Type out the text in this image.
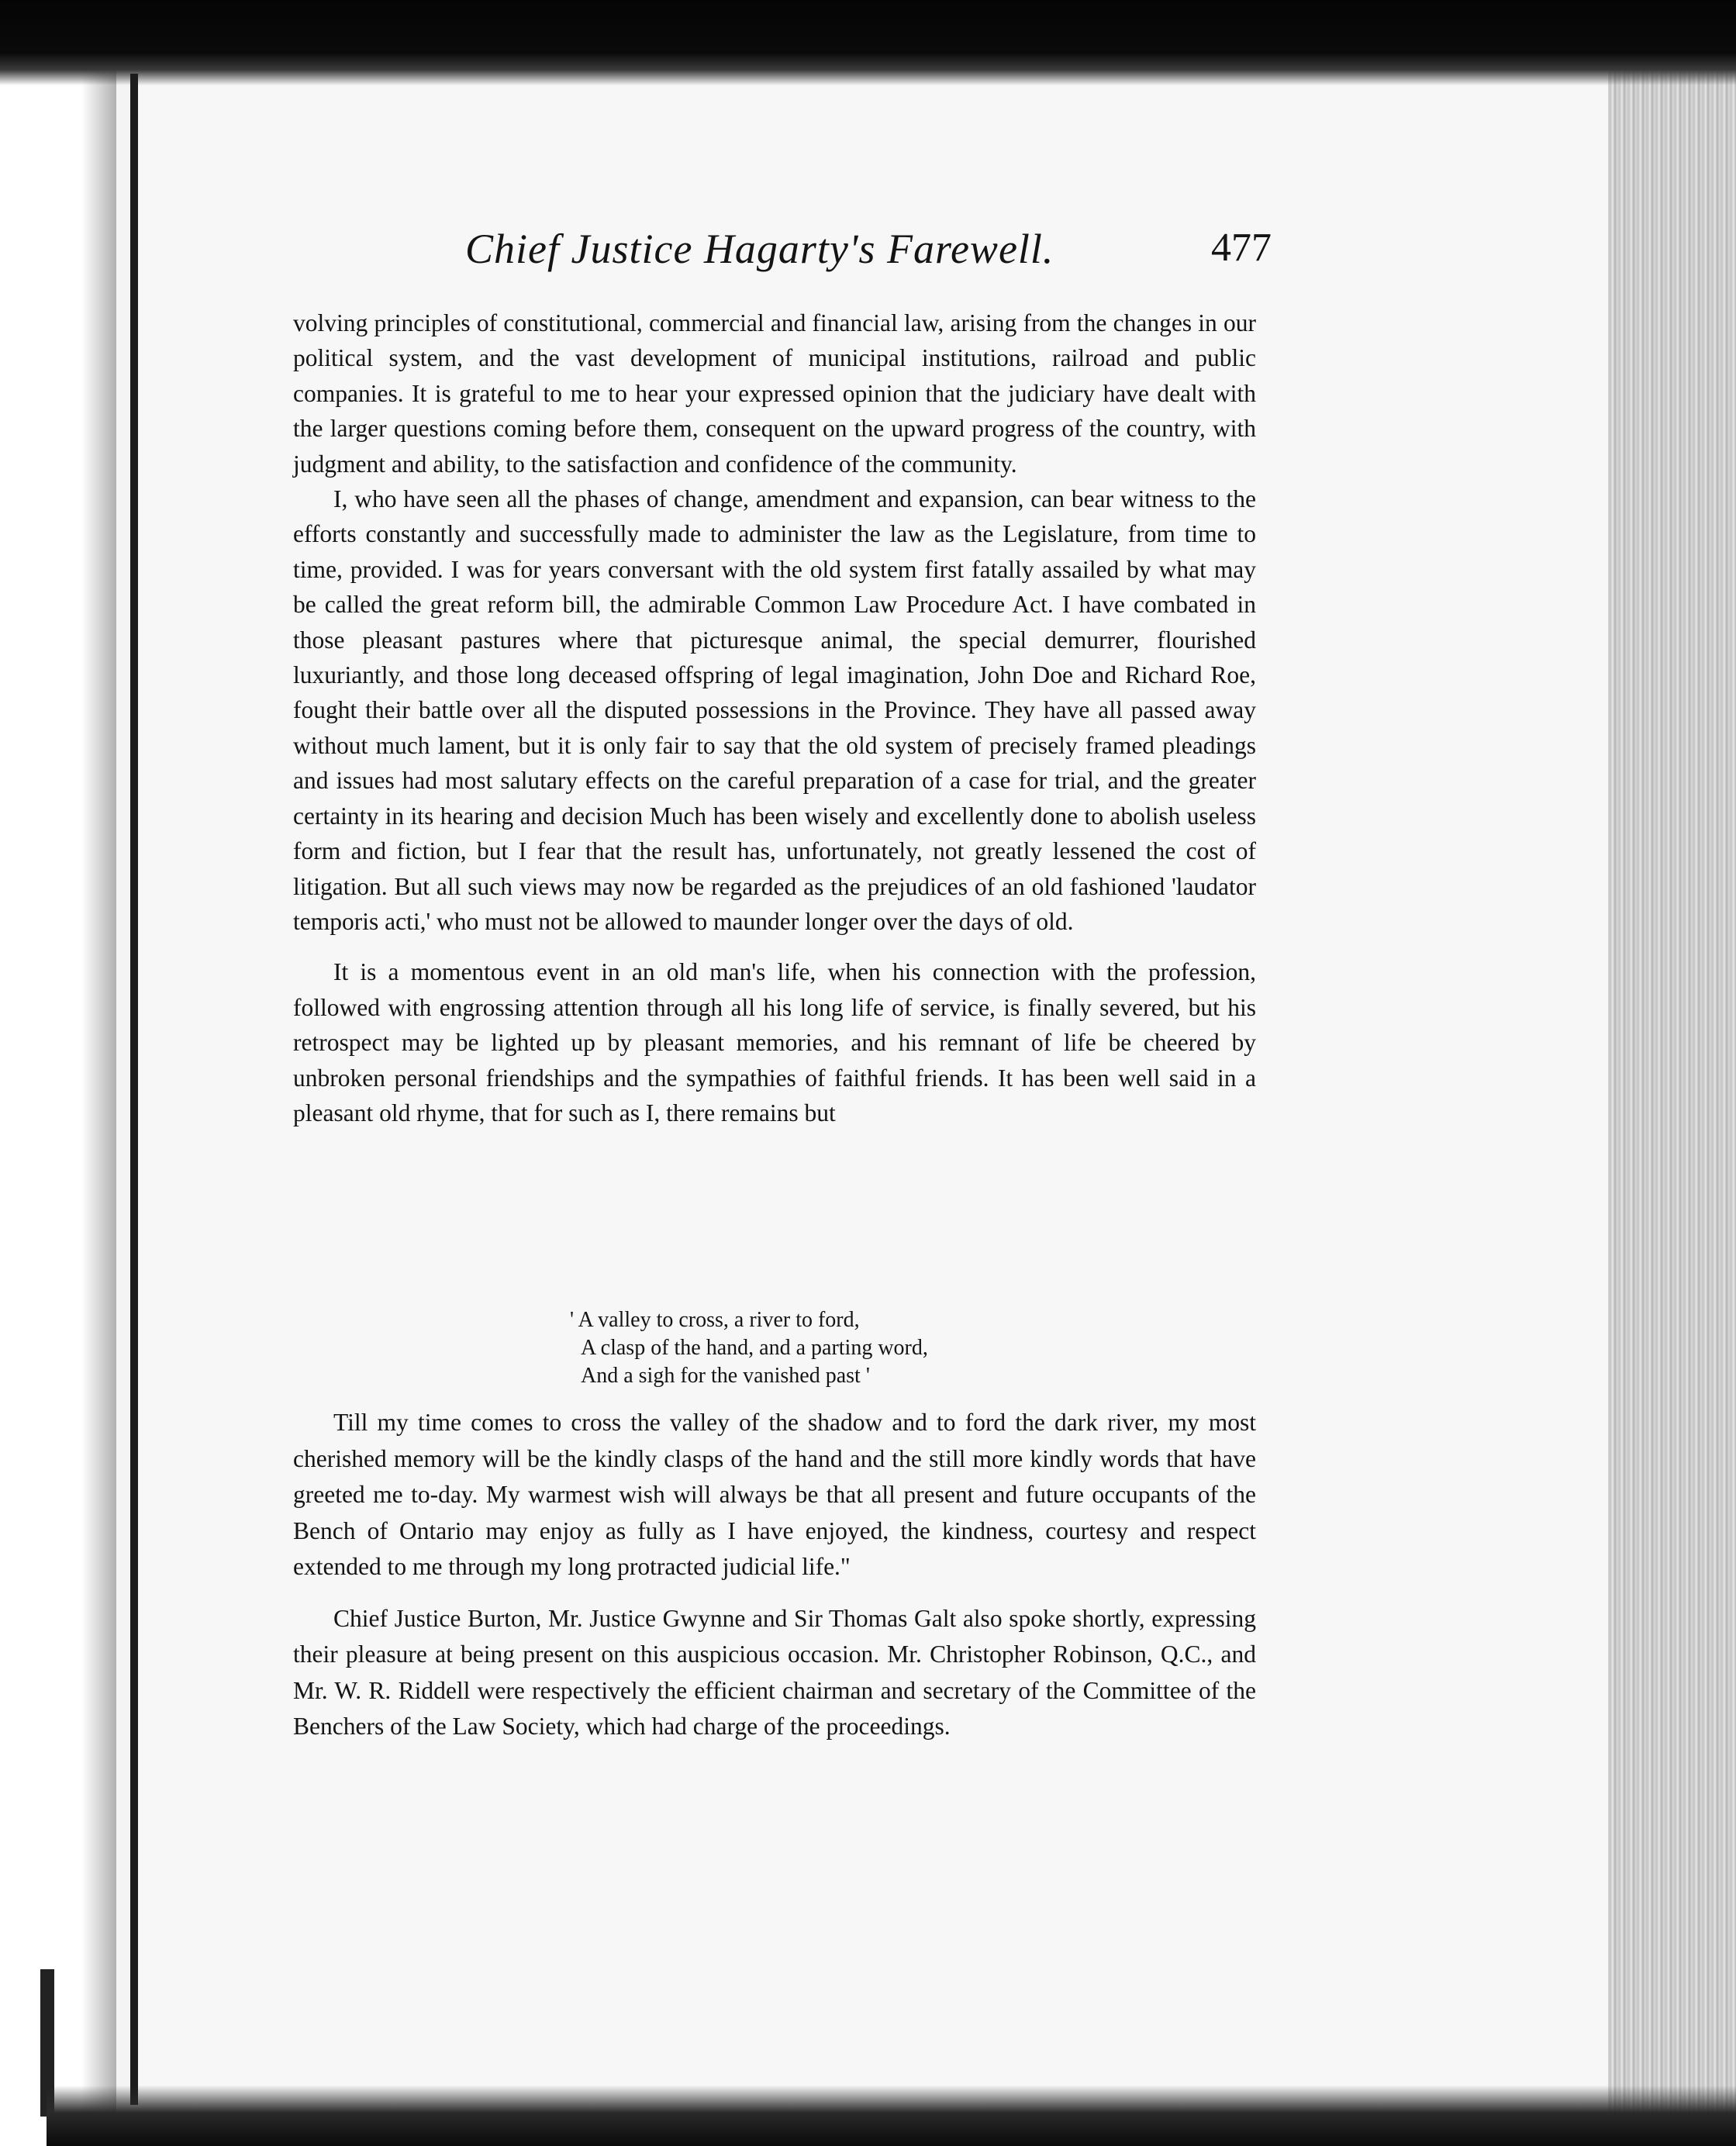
Chief Justice Hagarty's Farewell.	477

volving principles of constitutional, commercial and financial law, arising from the changes in our political system, and the vast development of municipal institutions, railroad and public companies. It is grateful to me to hear your expressed opinion that the judiciary have dealt with the larger questions coming before them, consequent on the upward progress of the country, with judgment and ability, to the satisfaction and confidence of the community.

I, who have seen all the phases of change, amendment and expansion, can bear witness to the efforts constantly and successfully made to administer the law as the Legislature, from time to time, provided. I was for years conversant with the old system first fatally assailed by what may be called the great reform bill, the admirable Common Law Procedure Act. I have combated in those pleasant pastures where that picturesque animal, the special demurrer, flourished luxuriantly, and those long deceased offspring of legal imagination, John Doe and Richard Roe, fought their battle over all the disputed possessions in the Province. They have all passed away without much lament, but it is only fair to say that the old system of precisely framed pleadings and issues had most salutary effects on the careful preparation of a case for trial, and the greater certainty in its hearing and decision Much has been wisely and excellently done to abolish useless form and fiction, but I fear that the result has, unfortunately, not greatly lessened the cost of litigation. But all such views may now be regarded as the prejudices of an old fashioned 'laudator temporis acti,' who must not be allowed to maunder longer over the days of old.

It is a momentous event in an old man's life, when his connection with the profession, followed with engrossing attention through all his long life of service, is finally severed, but his retrospect may be lighted up by pleasant memories, and his remnant of life be cheered by unbroken personal friendships and the sympathies of faithful friends. It has been well said in a pleasant old rhyme, that for such as I, there remains but

' A valley to cross, a river to ford,
A clasp of the hand, and a parting word,
And a sigh for the vanished past '

Till my time comes to cross the valley of the shadow and to ford the dark river, my most cherished memory will be the kindly clasps of the hand and the still more kindly words that have greeted me to-day. My warmest wish will always be that all present and future occupants of the Bench of Ontario may enjoy as fully as I have enjoyed, the kindness, courtesy and respect extended to me through my long protracted judicial life."

Chief Justice Burton, Mr. Justice Gwynne and Sir Thomas Galt also spoke shortly, expressing their pleasure at being present on this auspicious occasion. Mr. Christopher Robinson, Q.C., and Mr. W. R. Riddell were respectively the efficient chairman and secretary of the Committee of the Benchers of the Law Society, which had charge of the proceedings.
